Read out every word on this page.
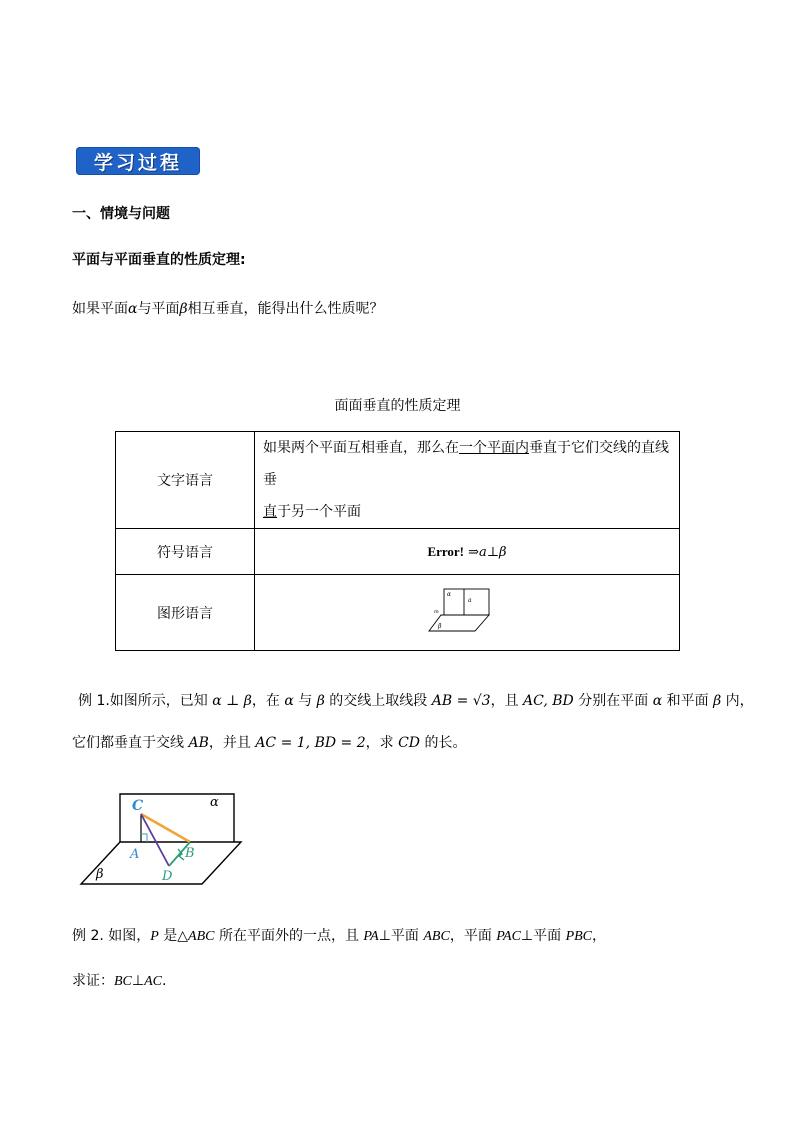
学习过程
一、情境与问题
平面与平面垂直的性质定理:
如果平面α与平面β相互垂直，能得出什么性质呢？
面面垂直的性质定理
文字语言	如果两个平面互相垂直，那么在一个平面内垂直于它们交线的直线垂
直于另一个平面
符号语言	Error! ⇒a⊥β
图形语言	α
a
m
β
例 1.如图所示，已知 α ⊥ β，在 α 与 β 的交线上取线段 AB = √3，且 AC, BD 分别在平面 α 和平面 β 内，
它们都垂直于交线 AB，并且 AC = 1, BD = 2，求 CD 的长。
C
A	B
D
α
β
例 2. 如图，P 是△ABC 所在平面外的一点，且 PA⊥平面 ABC，平面 PAC⊥平面 PBC，
求证：BC⊥AC.
